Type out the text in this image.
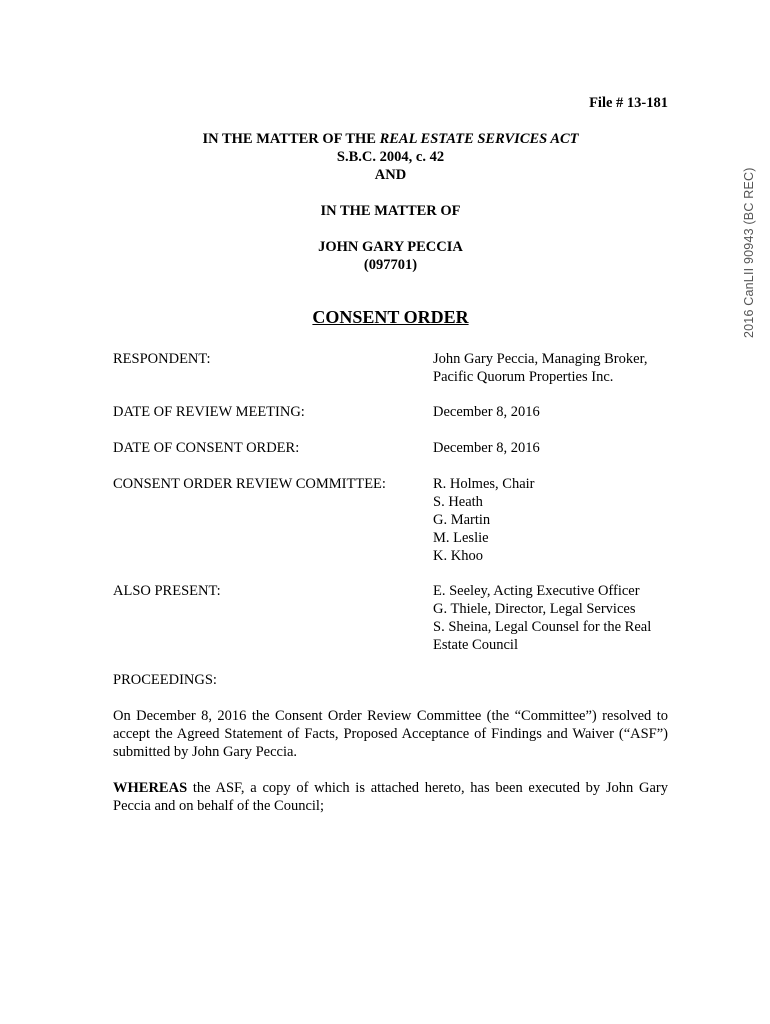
File # 13-181
IN THE MATTER OF THE REAL ESTATE SERVICES ACT
S.B.C. 2004, c. 42
AND
IN THE MATTER OF
JOHN GARY PECCIA
(097701)
CONSENT ORDER
RESPONDENT:	John Gary Peccia, Managing Broker,
Pacific Quorum Properties Inc.
DATE OF REVIEW MEETING:	December 8, 2016
DATE OF CONSENT ORDER:	December 8, 2016
CONSENT ORDER REVIEW COMMITTEE:	R. Holmes, Chair
S. Heath
G. Martin
M. Leslie
K. Khoo
ALSO PRESENT:	E. Seeley, Acting Executive Officer
G. Thiele, Director, Legal Services
S. Sheina, Legal Counsel for the Real
Estate Council
PROCEEDINGS:
On December 8, 2016 the Consent Order Review Committee (the “Committee”) resolved to accept the Agreed Statement of Facts, Proposed Acceptance of Findings and Waiver (“ASF”) submitted by John Gary Peccia.
WHEREAS the ASF, a copy of which is attached hereto, has been executed by John Gary Peccia and on behalf of the Council;
2016 CanLII 90943 (BC REC)
